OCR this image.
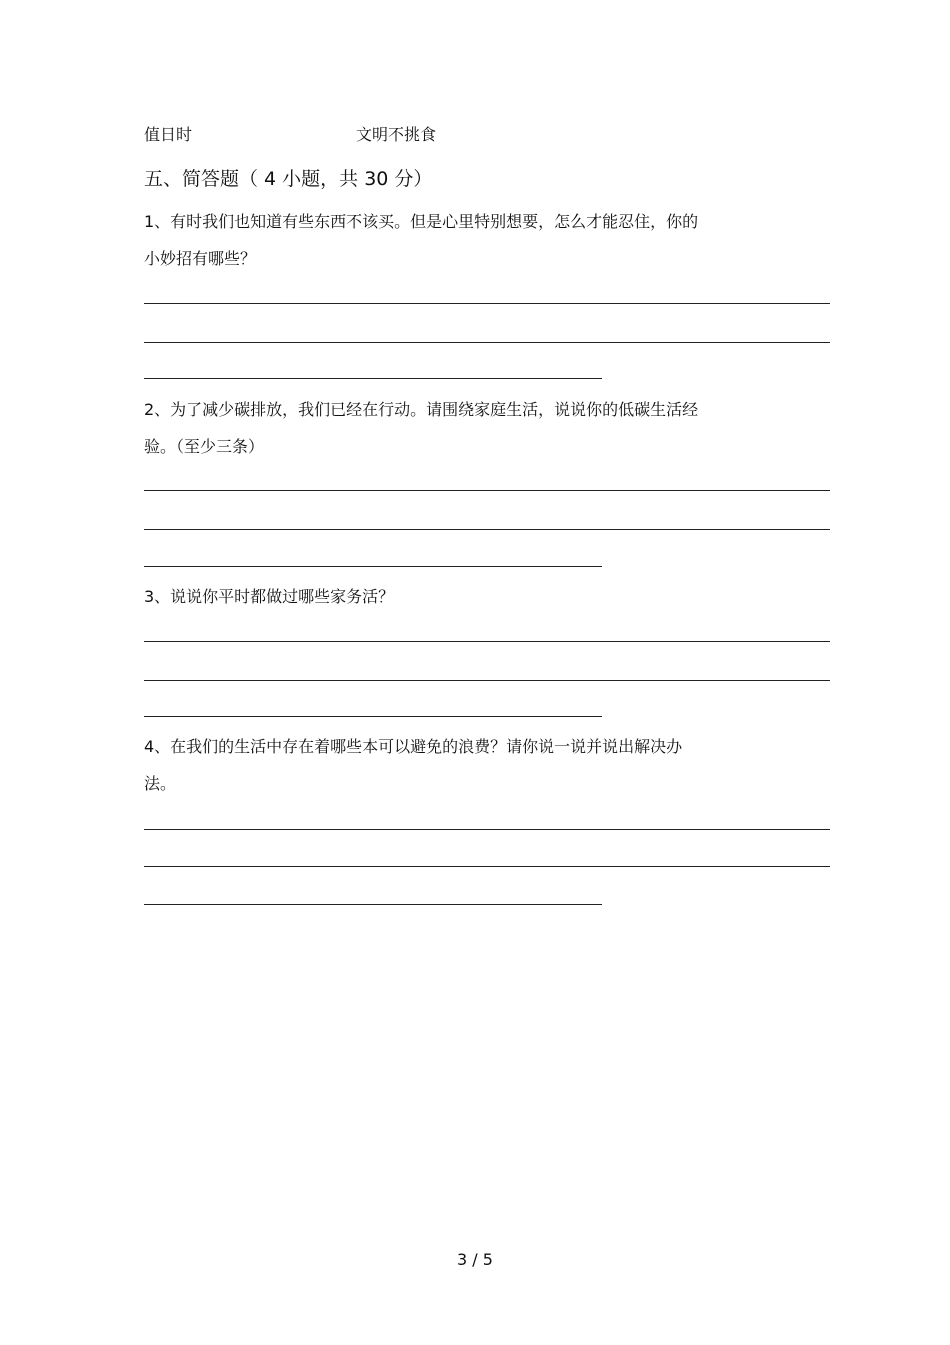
值日时	文明不挑食
五、简答题（ 4 小题，共 30 分）
1、有时我们也知道有些东西不该买。但是心里特别想要，怎么才能忍住，你的
小妙招有哪些？
2、为了减少碳排放，我们已经在行动。请围绕家庭生活，说说你的低碳生活经
验。（至少三条）
3、说说你平时都做过哪些家务活？
4、在我们的生活中存在着哪些本可以避免的浪费？请你说一说并说出解决办
法。
3 / 5
